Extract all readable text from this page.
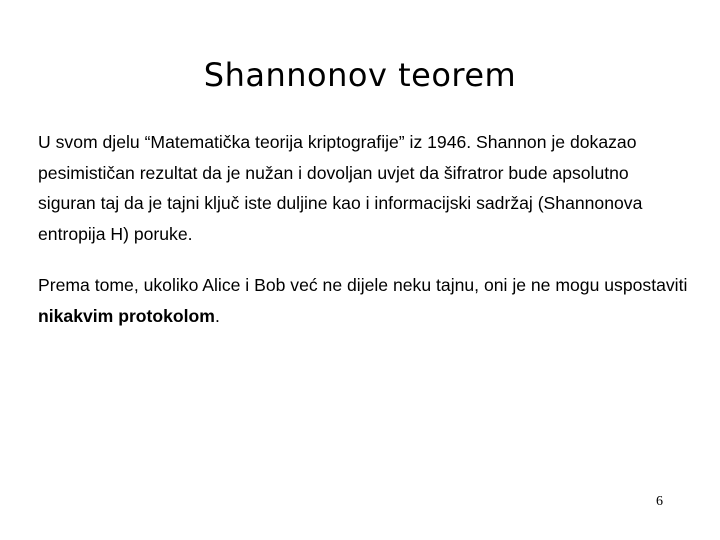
Shannonov teorem

U svom djelu “Matematička teorija kriptografije” iz 1946. Shannon je dokazao pesimističan rezultat da je nužan i dovoljan uvjet da šifratror bude apsolutno siguran taj da je tajni ključ iste duljine kao i informacijski sadržaj (Shannonova entropija H) poruke.

Prema tome, ukoliko Alice i Bob već ne dijele neku tajnu, oni je ne mogu uspostaviti nikakvim protokolom.

6
